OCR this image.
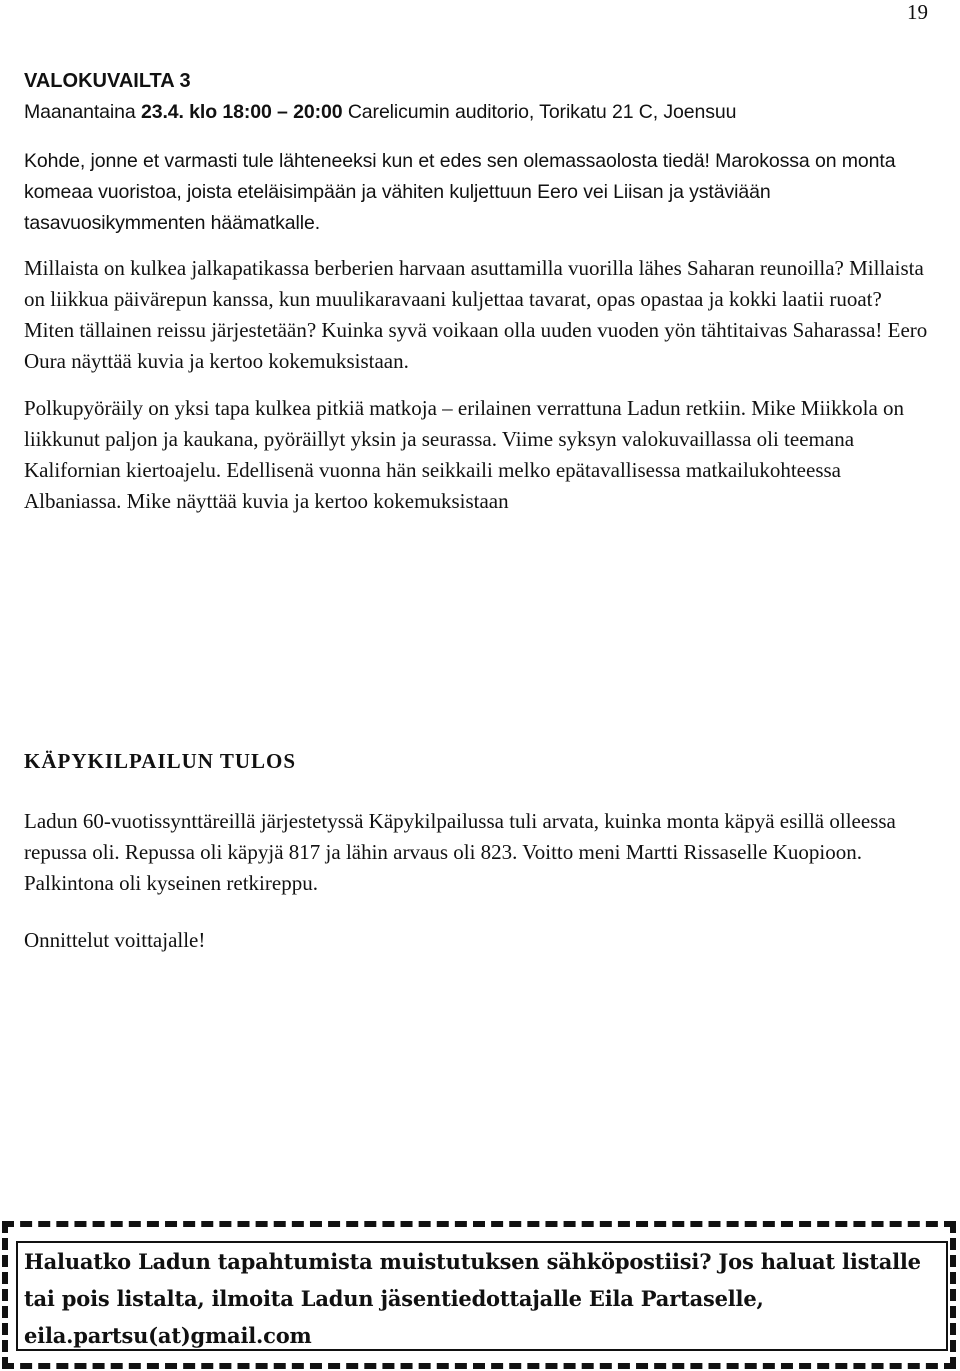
19
VALOKUVAILTA 3

Maanantaina 23.4. klo 18:00 – 20:00 Carelicumin auditorio, Torikatu 21 C, Joensuu

Kohde, jonne et varmasti tule lähteneeksi kun et edes sen olemassaolosta tiedä! Marokossa on monta komeaa vuoristoa, joista eteläisimpään ja vähiten kuljettuun Eero vei Liisan ja ystäviään tasavuosikymmenten häämatkalle.

Millaista on kulkea jalkapatikassa berberien harvaan asuttamilla vuorilla lähes Saharan reunoilla? Millaista on liikkua päivärepun kanssa, kun muulikaravaani kuljettaa tavarat, opas opastaa ja kokki laatii ruoat? Miten tällainen reissu järjestetään? Kuinka syvä voikaan olla uuden vuoden yön tähtitaivas Saharassa! Eero Oura näyttää kuvia ja kertoo kokemuksistaan.

Polkupyöräily on yksi tapa kulkea pitkiä matkoja – erilainen verrattuna Ladun retkiin. Mike Miikkola on liikkunut paljon ja kaukana, pyöräillyt yksin ja seurassa. Viime syksyn valokuvaillassa oli teemana Kalifornian kiertoajelu. Edellisenä vuonna hän seikkaili melko epätavallisessa matkailukohteessa Albaniassa. Mike näyttää kuvia ja kertoo kokemuksistaan

KÄPYKILPAILUN TULOS

Ladun 60-vuotissynttäreillä järjestetyssä Käpykilpailussa tuli arvata, kuinka monta käpyä esillä olleessa repussa oli. Repussa oli käpyjä 817 ja lähin arvaus oli 823. Voitto meni Martti Rissaselle Kuopioon. Palkintona oli kyseinen retkireppu.

Onnittelut voittajalle!

Haluatko Ladun tapahtumista muistutuksen sähköpostiisi? Jos haluat listalle tai pois listalta, ilmoita Ladun jäsentiedottajalle Eila Partaselle, eila.partsu(at)gmail.com
